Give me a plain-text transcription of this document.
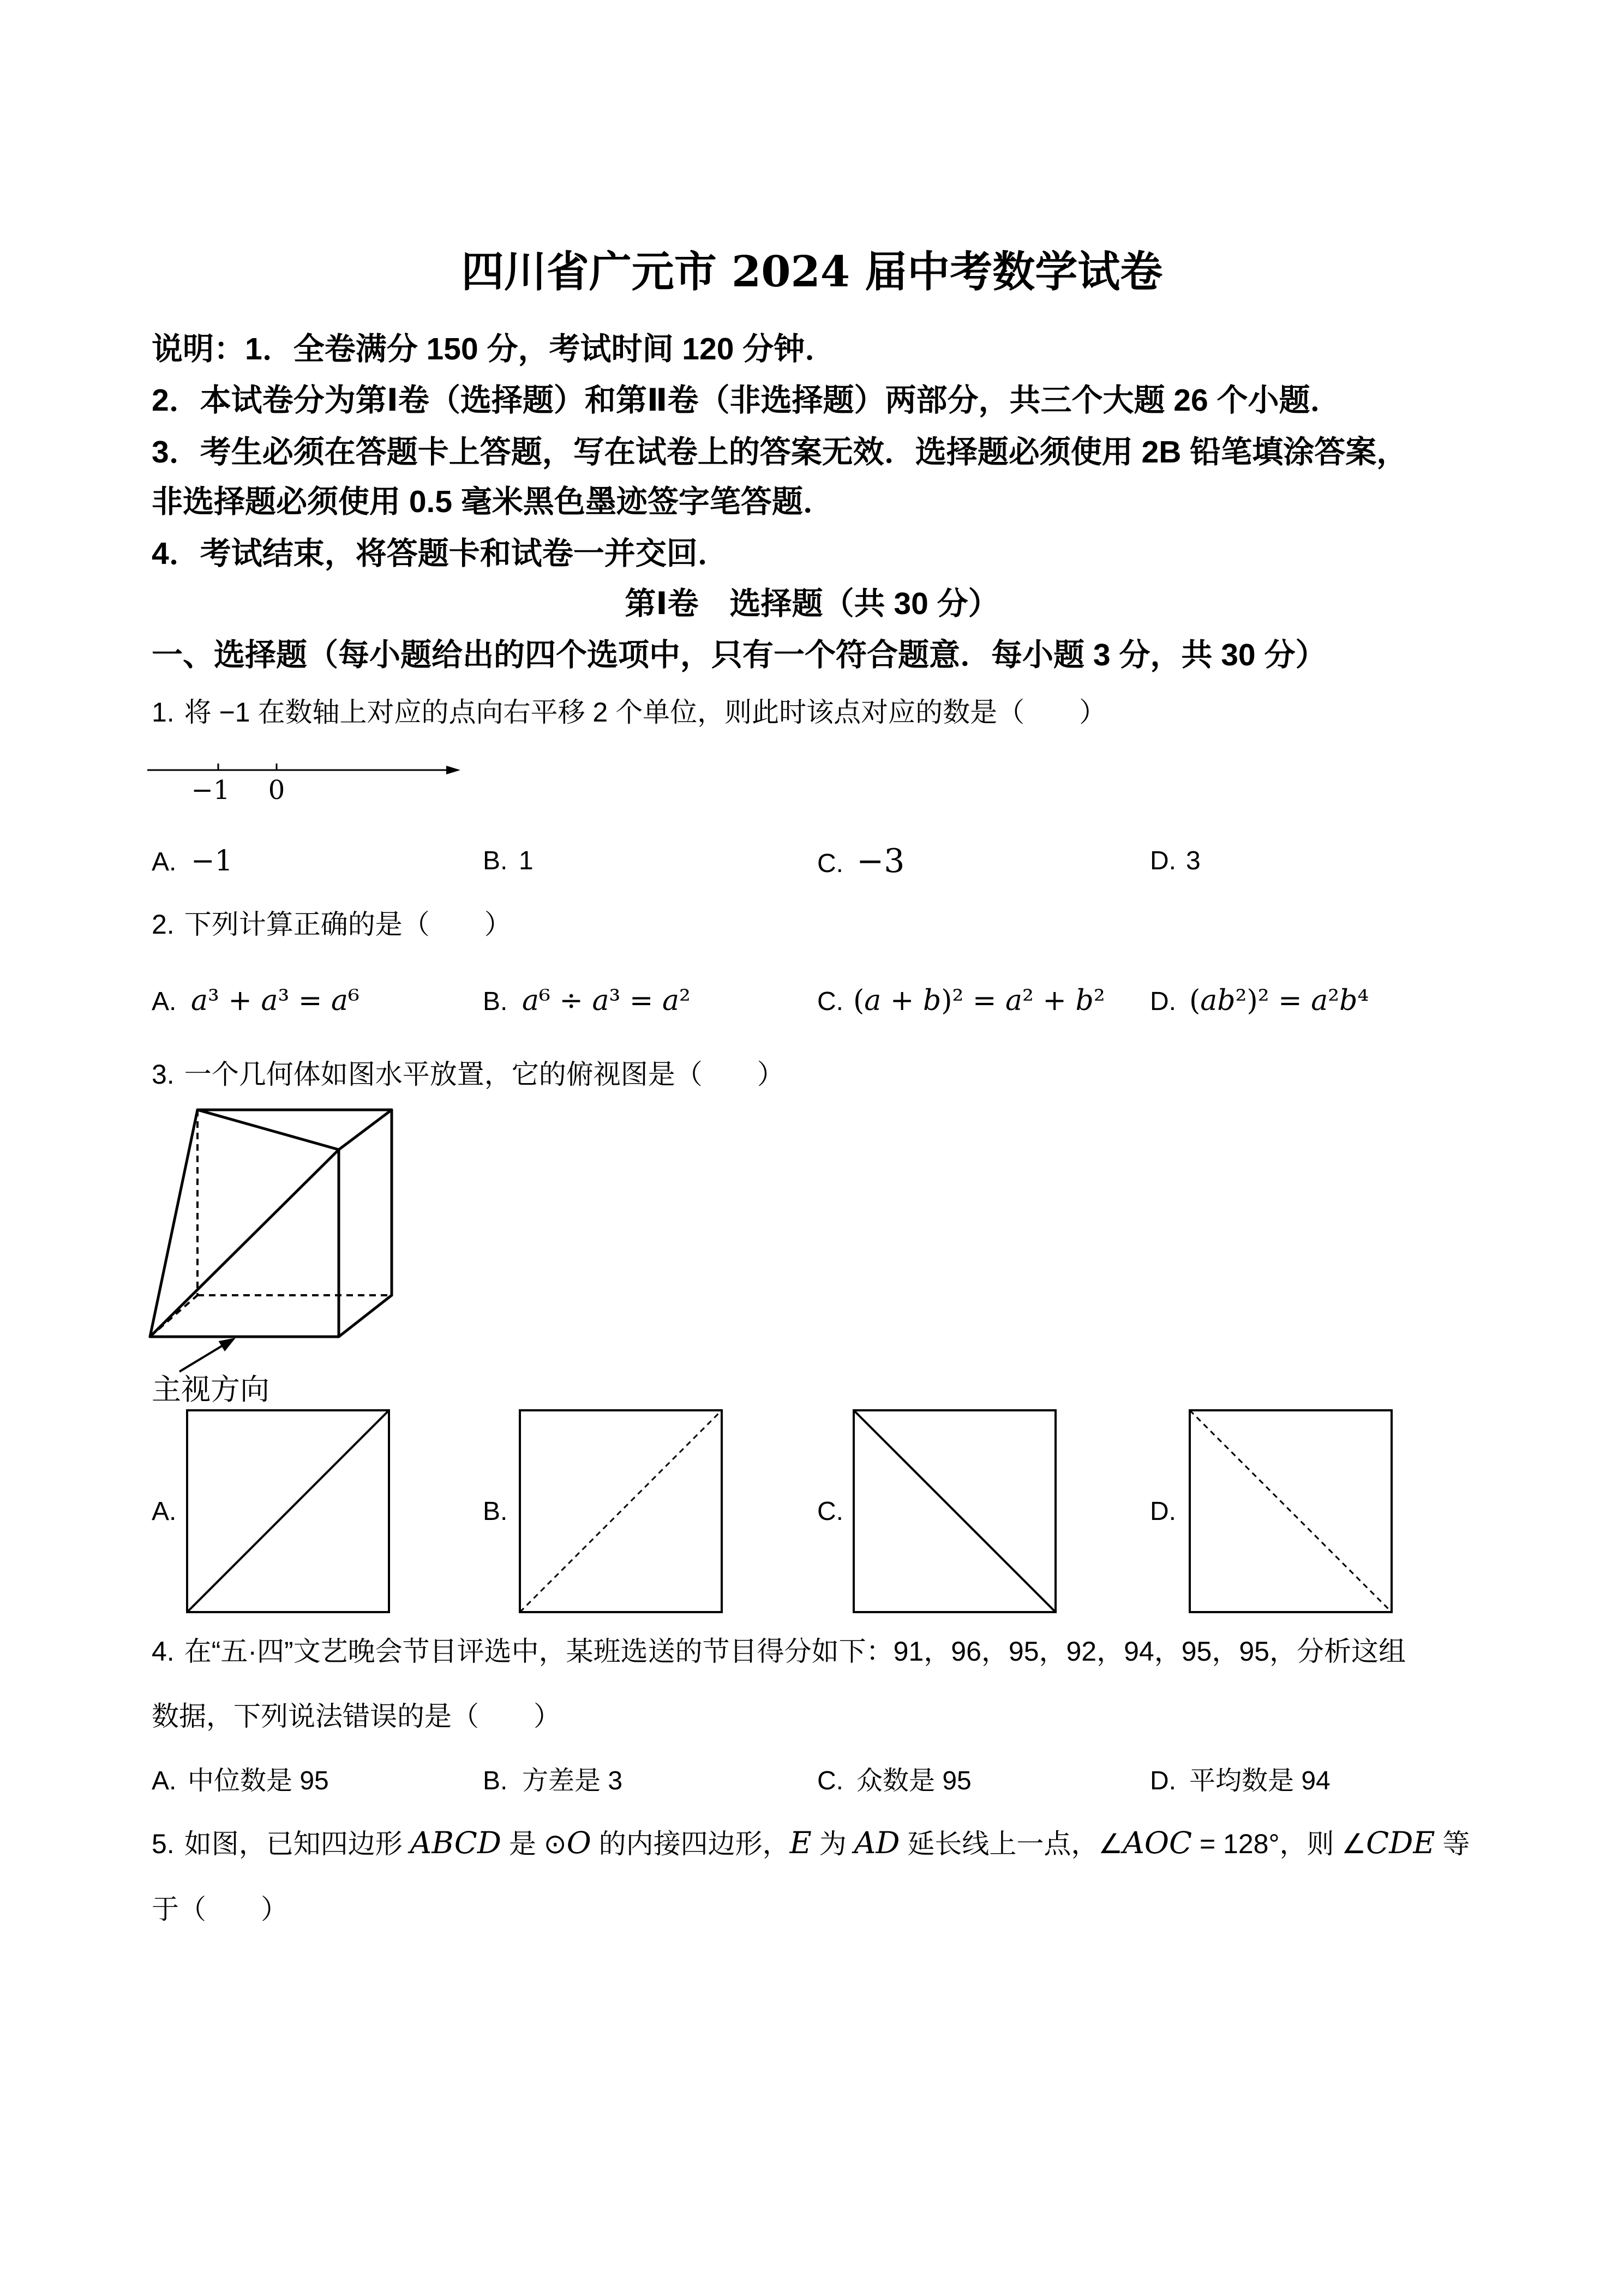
四川省广元市 2024 届中考数学试卷
说明：1．全卷满分 150 分，考试时间 120 分钟．
2．本试卷分为第Ⅰ卷（选择题）和第Ⅱ卷（非选择题）两部分，共三个大题 26 个小题．
3．考生必须在答题卡上答题，写在试卷上的答案无效．选择题必须使用 2B 铅笔填涂答案，
非选择题必须使用 0.5 毫米黑色墨迹签字笔答题．
4．考试结束，将答题卡和试卷一并交回．
第Ⅰ卷　选择题（共 30 分）
一、选择题（每小题给出的四个选项中，只有一个符合题意．每小题 3 分，共 30 分）
1. 将 −1 在数轴上对应的点向右平移 2 个单位，则此时该点对应的数是（　　）
−1 0
A. −1	B. 1	C. −3	D. 3
2. 下列计算正确的是（　　）
A. a³ + a³ = a⁶	B. a⁶ ÷ a³ = a²	C. (a + b)² = a² + b² D. (ab²)² = a²b⁴
3. 一个几何体如图水平放置，它的俯视图是（　　）
主视方向
A.	B.	C.	D.
4. 在“五·四”文艺晚会节目评选中，某班选送的节目得分如下：91，96，95，92，94，95，95，分析这组
数据，下列说法错误的是（　　）
A. 中位数是 95	B. 方差是 3	C. 众数是 95	D. 平均数是 94
5. 如图，已知四边形 ABCD 是 ⊙O 的内接四边形，E 为 AD 延长线上一点，∠AOC = 128°，则 ∠CDE 等
于（　　）
